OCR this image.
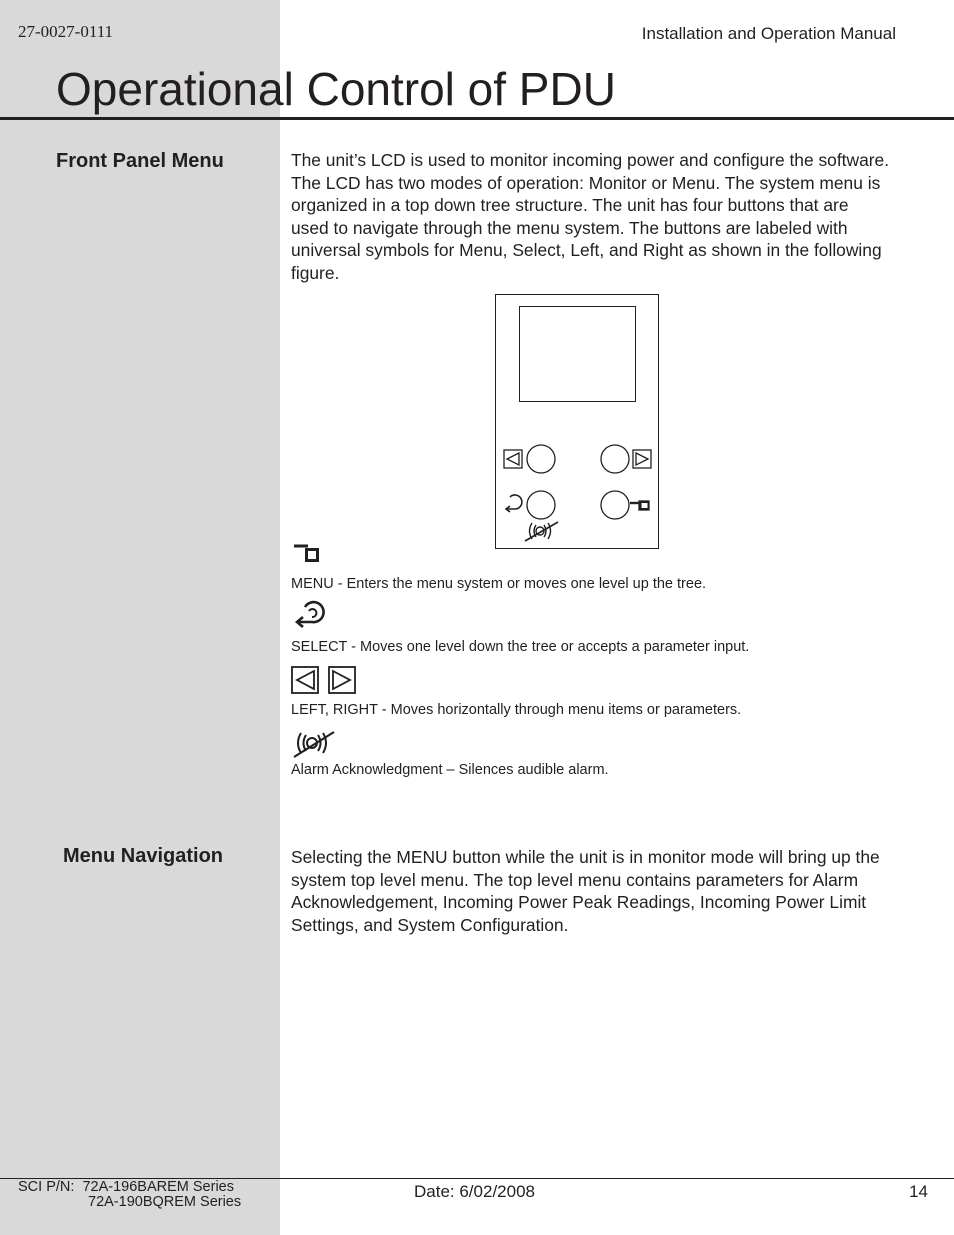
27-0027-0111	Installation and Operation Manual
Operational Control of PDU
Front Panel Menu	The unit’s LCD is used to monitor incoming power and configure the software. The LCD has two modes of operation: Monitor or Menu. The system menu is organized in a top down tree structure. The unit has four buttons that are used to navigate through the menu system. The buttons are labeled with universal symbols for Menu, Select, Left, and Right as shown in the following figure.

MENU - Enters the menu system or moves one level up the tree.
SELECT - Moves one level down the tree or accepts a parameter input.
LEFT, RIGHT - Moves horizontally through menu items or parameters.
Alarm Acknowledgment – Silences audible alarm.
Menu Navigation	Selecting the MENU button while the unit is in monitor mode will bring up the system top level menu. The top level menu contains parameters for Alarm Acknowledgement, Incoming Power Peak Readings, Incoming Power Limit Settings, and System Configuration.

SCI P/N: 72A-196BAREM Series
72A-190BQREM Series
Date: 6/02/2008	14
